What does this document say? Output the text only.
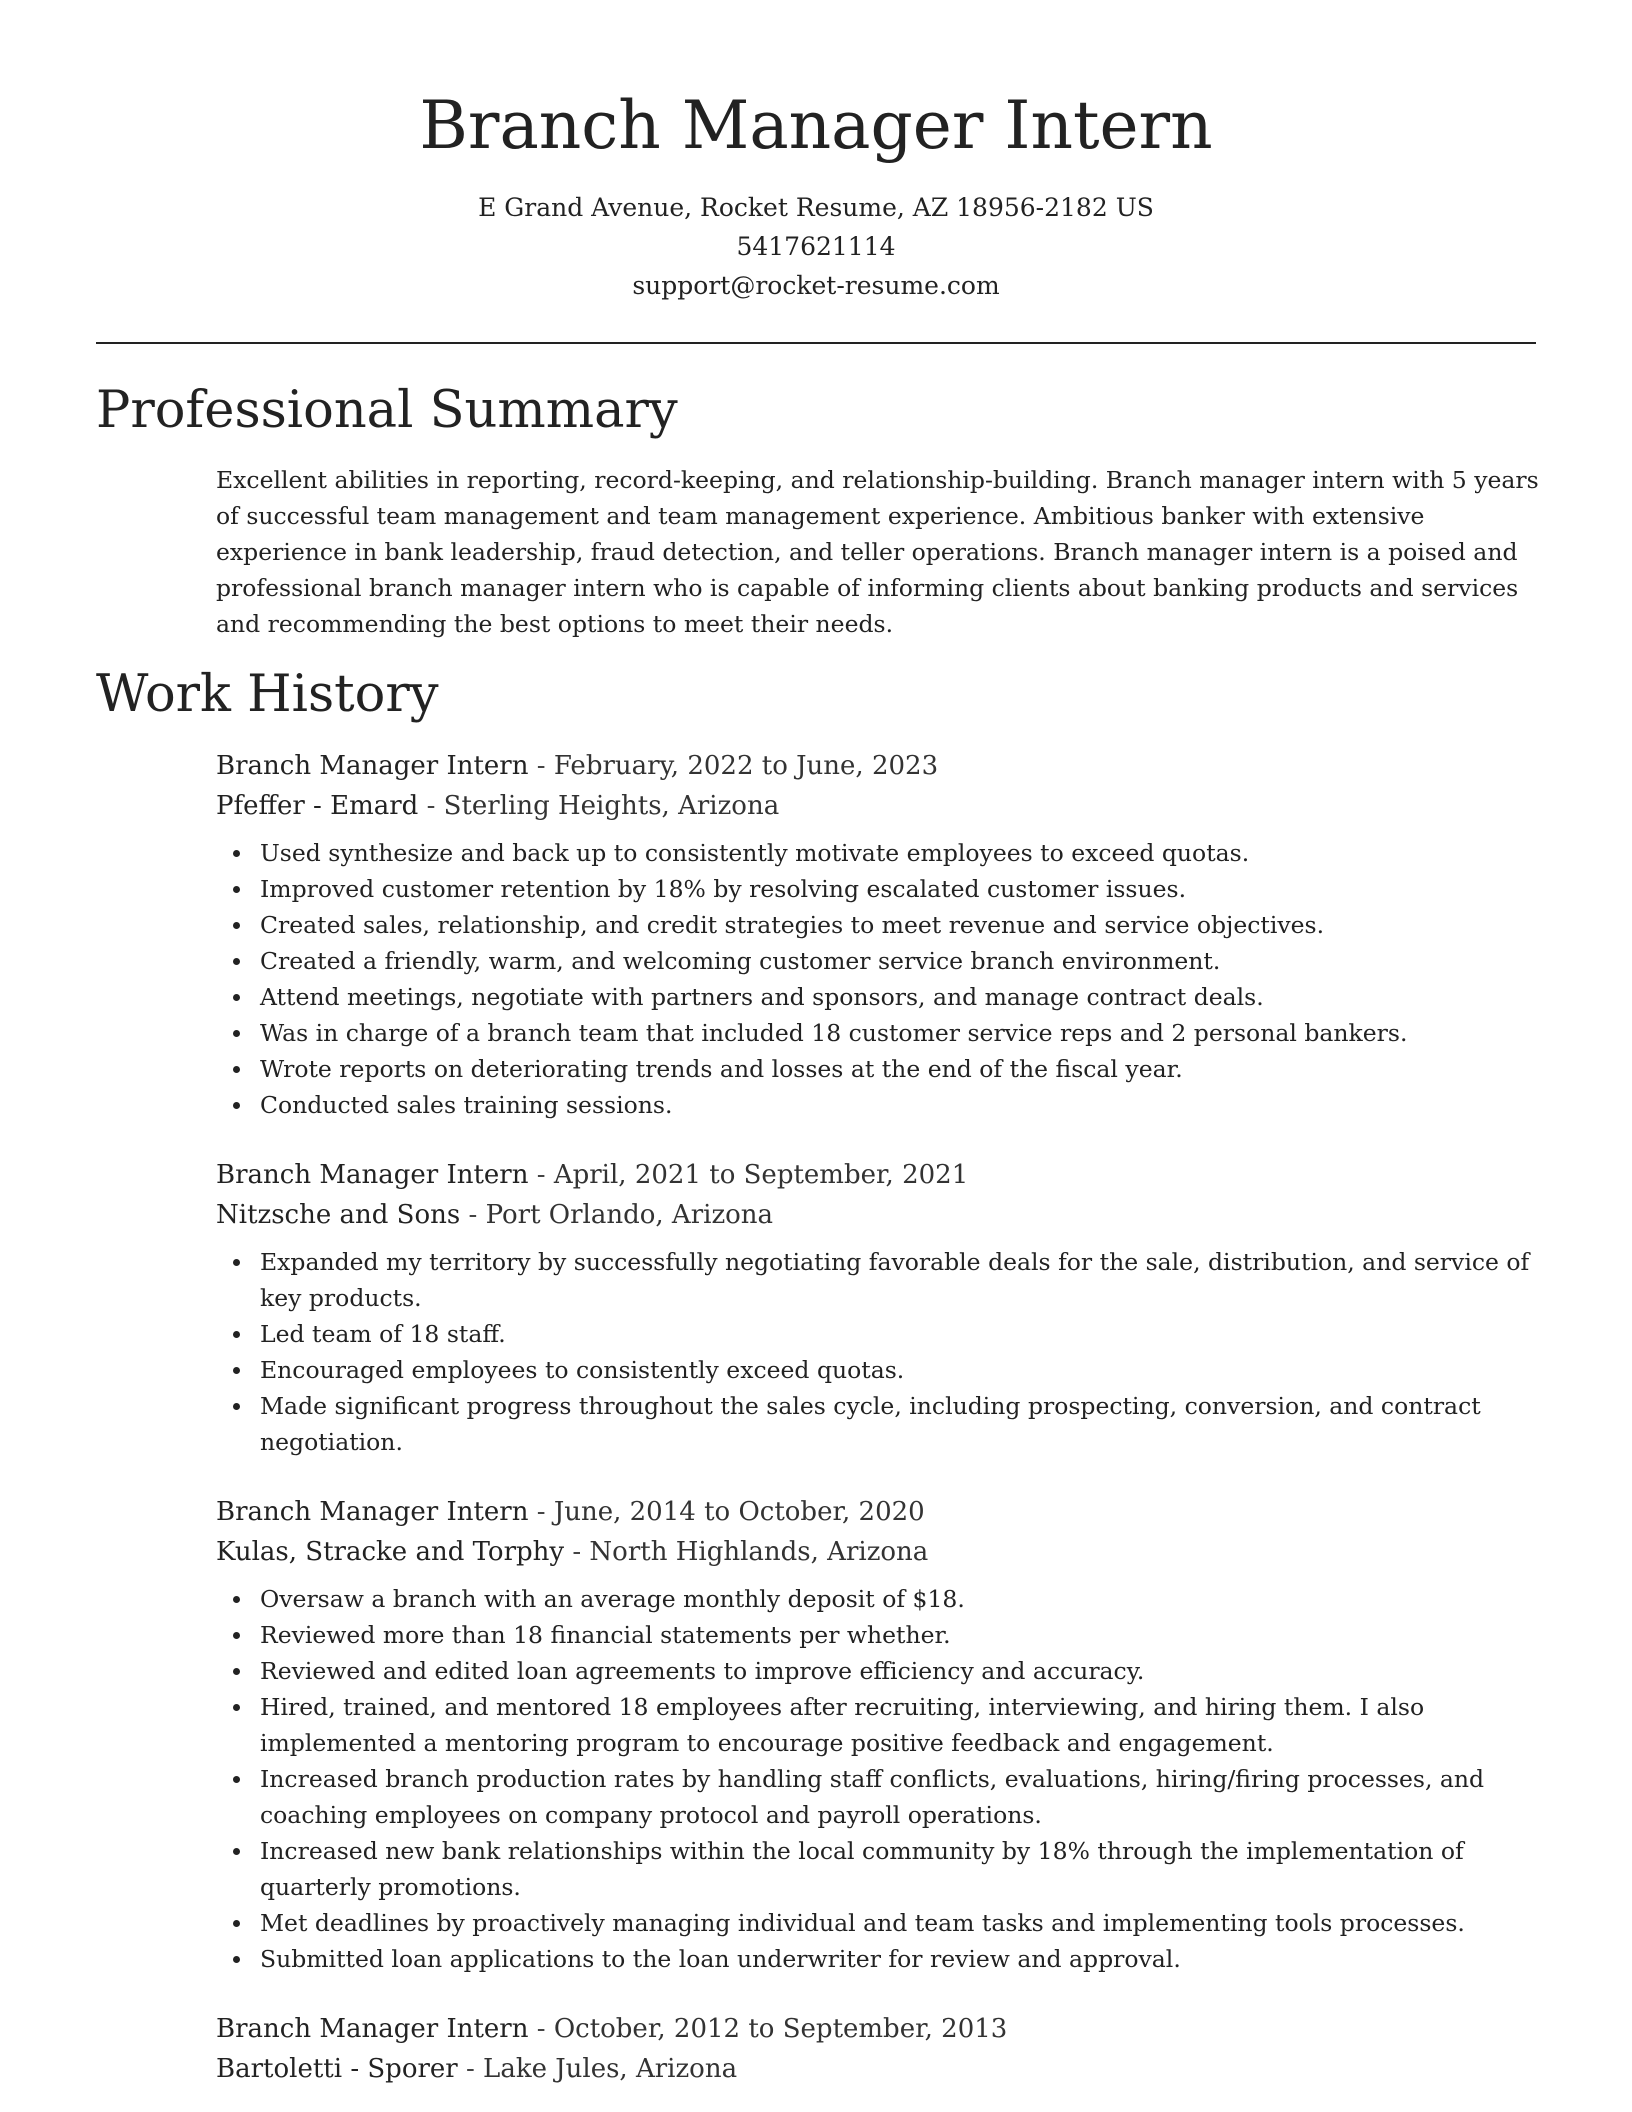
Branch Manager Intern
E Grand Avenue, Rocket Resume, AZ 18956-2182 US
5417621114
support@rocket-resume.com
Professional Summary

Excellent abilities in reporting, record-keeping, and relationship-building. Branch manager intern with 5 years of successful team management and team management experience. Ambitious banker with extensive experience in bank leadership, fraud detection, and teller operations. Branch manager intern is a poised and professional branch manager intern who is capable of informing clients about banking products and services and recommending the best options to meet their needs.

Work History
Branch Manager Intern - February, 2022 to June, 2023
Pfeffer - Emard - Sterling Heights, Arizona
Used synthesize and back up to consistently motivate employees to exceed quotas.
Improved customer retention by 18% by resolving escalated customer issues.
Created sales, relationship, and credit strategies to meet revenue and service objectives.
Created a friendly, warm, and welcoming customer service branch environment.
Attend meetings, negotiate with partners and sponsors, and manage contract deals.
Was in charge of a branch team that included 18 customer service reps and 2 personal bankers.
Wrote reports on deteriorating trends and losses at the end of the fiscal year.
Conducted sales training sessions.
Branch Manager Intern - April, 2021 to September, 2021
Nitzsche and Sons - Port Orlando, Arizona
Expanded my territory by successfully negotiating favorable deals for the sale, distribution, and service of key products.
Led team of 18 staff.
Encouraged employees to consistently exceed quotas.
Made significant progress throughout the sales cycle, including prospecting, conversion, and contract negotiation.
Branch Manager Intern - June, 2014 to October, 2020
Kulas, Stracke and Torphy - North Highlands, Arizona
Oversaw a branch with an average monthly deposit of $18.
Reviewed more than 18 financial statements per whether.
Reviewed and edited loan agreements to improve efficiency and accuracy.
Hired, trained, and mentored 18 employees after recruiting, interviewing, and hiring them. I also implemented a mentoring program to encourage positive feedback and engagement.
Increased branch production rates by handling staff conflicts, evaluations, hiring/firing processes, and coaching employees on company protocol and payroll operations.
Increased new bank relationships within the local community by 18% through the implementation of quarterly promotions.
Met deadlines by proactively managing individual and team tasks and implementing tools processes.
Submitted loan applications to the loan underwriter for review and approval.
Branch Manager Intern - October, 2012 to September, 2013
Bartoletti - Sporer - Lake Jules, Arizona
